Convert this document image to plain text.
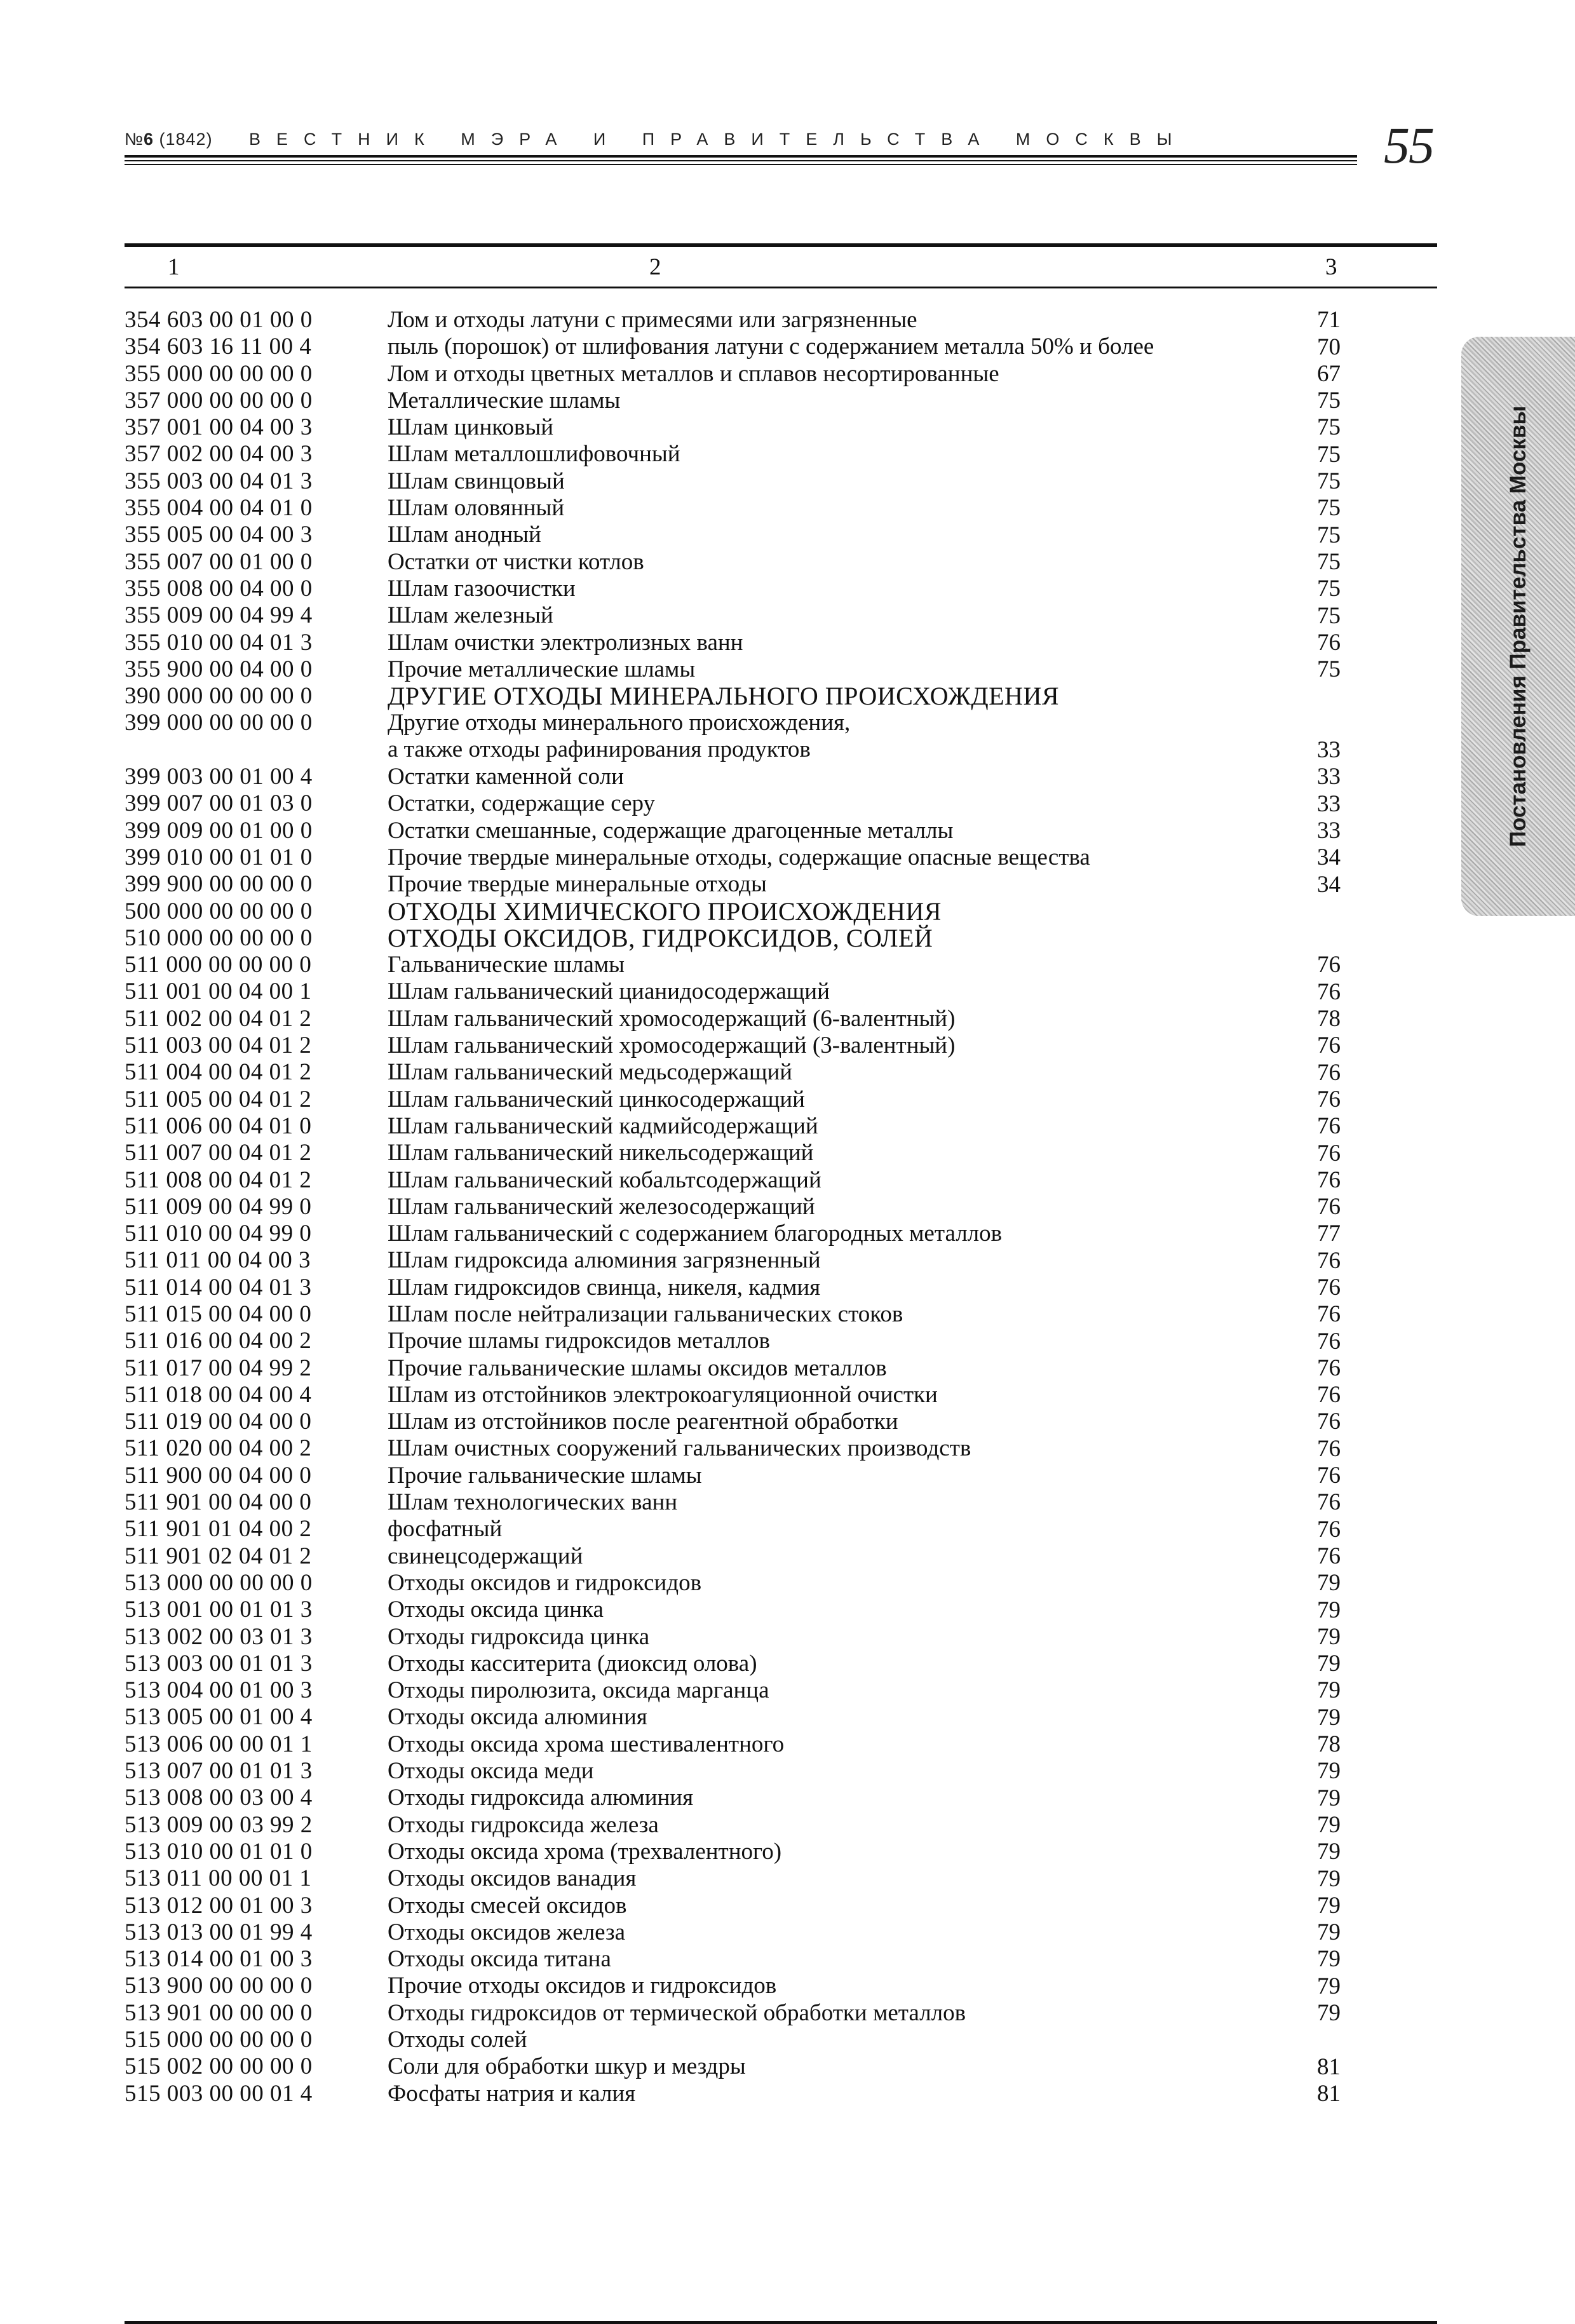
№6 (1842) ВЕСТНИК МЭРА И ПРАВИТЕЛЬСТВА МОСКВЫ	55
Постановления Правительства Москвы
1	2	3
354 603 00 01 00 0	Лом и отходы латуни с примесями или загрязненные	71
354 603 16 11 00 4	пыль (порошок) от шлифования латуни с содержанием металла 50% и более	70
355 000 00 00 00 0	Лом и отходы цветных металлов и сплавов несортированные	67
357 000 00 00 00 0	Металлические шламы	75
357 001 00 04 00 3	Шлам цинковый	75
357 002 00 04 00 3	Шлам металлошлифовочный	75
355 003 00 04 01 3	Шлам свинцовый	75
355 004 00 04 01 0	Шлам оловянный	75
355 005 00 04 00 3	Шлам анодный	75
355 007 00 01 00 0	Остатки от чистки котлов	75
355 008 00 04 00 0	Шлам газоочистки	75
355 009 00 04 99 4	Шлам железный	75
355 010 00 04 01 3	Шлам очистки электролизных ванн	76
355 900 00 04 00 0	Прочие металлические шламы	75
390 000 00 00 00 0	ДРУГИЕ ОТХОДЫ МИНЕРАЛЬНОГО ПРОИСХОЖДЕНИЯ
399 000 00 00 00 0	Другие отходы минерального происхождения,
а также отходы рафинирования продуктов	33
399 003 00 01 00 4	Остатки каменной соли	33
399 007 00 01 03 0	Остатки, содержащие серу	33
399 009 00 01 00 0	Остатки смешанные, содержащие драгоценные металлы	33
399 010 00 01 01 0	Прочие твердые минеральные отходы, содержащие опасные вещества	34
399 900 00 00 00 0	Прочие твердые минеральные отходы	34
500 000 00 00 00 0	ОТХОДЫ ХИМИЧЕСКОГО ПРОИСХОЖДЕНИЯ
510 000 00 00 00 0	ОТХОДЫ ОКСИДОВ, ГИДРОКСИДОВ, СОЛЕЙ
511 000 00 00 00 0	Гальванические шламы	76
511 001 00 04 00 1	Шлам гальванический цианидосодержащий	76
511 002 00 04 01 2	Шлам гальванический хромосодержащий (6-валентный)	78
511 003 00 04 01 2	Шлам гальванический хромосодержащий (3-валентный)	76
511 004 00 04 01 2	Шлам гальванический медьсодержащий	76
511 005 00 04 01 2	Шлам гальванический цинкосодержащий	76
511 006 00 04 01 0	Шлам гальванический кадмийсодержащий	76
511 007 00 04 01 2	Шлам гальванический никельсодержащий	76
511 008 00 04 01 2	Шлам гальванический кобальтсодержащий	76
511 009 00 04 99 0	Шлам гальванический железосодержащий	76
511 010 00 04 99 0	Шлам гальванический с содержанием благородных металлов	77
511 011 00 04 00 3	Шлам гидроксида алюминия загрязненный	76
511 014 00 04 01 3	Шлам гидроксидов свинца, никеля, кадмия	76
511 015 00 04 00 0	Шлам после нейтрализации гальванических стоков	76
511 016 00 04 00 2	Прочие шламы гидроксидов металлов	76
511 017 00 04 99 2	Прочие гальванические шламы оксидов металлов	76
511 018 00 04 00 4	Шлам из отстойников электрокоагуляционной очистки	76
511 019 00 04 00 0	Шлам из отстойников после реагентной обработки	76
511 020 00 04 00 2	Шлам очистных сооружений гальванических производств	76
511 900 00 04 00 0	Прочие гальванические шламы	76
511 901 00 04 00 0	Шлам технологических ванн	76
511 901 01 04 00 2	фосфатный	76
511 901 02 04 01 2	свинецсодержащий	76
513 000 00 00 00 0	Отходы оксидов и гидроксидов	79
513 001 00 01 01 3	Отходы оксида цинка	79
513 002 00 03 01 3	Отходы гидроксида цинка	79
513 003 00 01 01 3	Отходы касситерита (диоксид олова)	79
513 004 00 01 00 3	Отходы пиролюзита, оксида марганца	79
513 005 00 01 00 4	Отходы оксида алюминия	79
513 006 00 00 01 1	Отходы оксида хрома шестивалентного	78
513 007 00 01 01 3	Отходы оксида меди	79
513 008 00 03 00 4	Отходы гидроксида алюминия	79
513 009 00 03 99 2	Отходы гидроксида железа	79
513 010 00 01 01 0	Отходы оксида хрома (трехвалентного)	79
513 011 00 00 01 1	Отходы оксидов ванадия	79
513 012 00 01 00 3	Отходы смесей оксидов	79
513 013 00 01 99 4	Отходы оксидов железа	79
513 014 00 01 00 3	Отходы оксида титана	79
513 900 00 00 00 0	Прочие отходы оксидов и гидроксидов	79
513 901 00 00 00 0	Отходы гидроксидов от термической обработки металлов	79
515 000 00 00 00 0	Отходы солей
515 002 00 00 00 0	Соли для обработки шкур и мездры	81
515 003 00 00 01 4	Фосфаты натрия и калия	81
